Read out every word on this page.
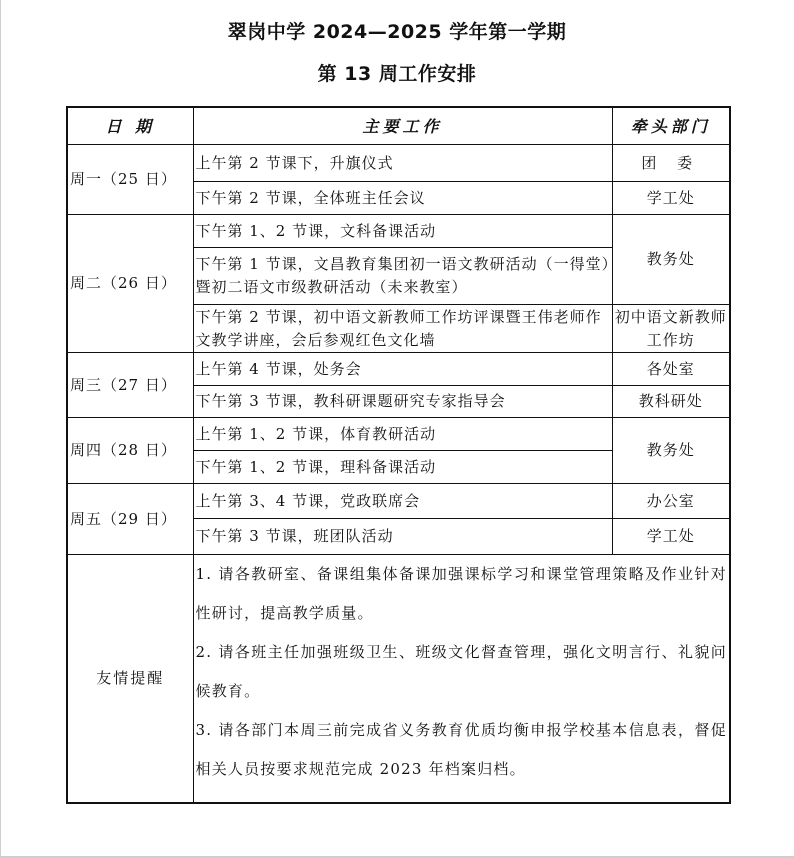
翠岗中学 2024—2025 学年第一学期
第 13 周工作安排
日 期	主要工作	牵头部门
周一（25 日）	上午第 2 节课下，升旗仪式	团 委
	下午第 2 节课，全体班主任会议	学工处
周二（26 日）	下午第 1、2 节课，文科备课活动	教务处
	下午第 1 节课，文昌教育集团初一语文教研活动（一得堂）暨初二语文市级教研活动（未来教室）	
	下午第 2 节课，初中语文新教师工作坊评课暨王伟老师作文教学讲座，会后参观红色文化墙	初中语文新教师工作坊
周三（27 日）	上午第 4 节课，处务会	各处室
	下午第 3 节课，教科研课题研究专家指导会	教科研处
周四（28 日）	上午第 1、2 节课，体育教研活动	教务处
	下午第 1、2 节课，理科备课活动	
周五（29 日）	上午第 3、4 节课，党政联席会	办公室
	下午第 3 节课，班团队活动	学工处
友情提醒	1. 请各教研室、备课组集体备课加强课标学习和课堂管理策略及作业针对性研讨，提高教学质量。

2. 请各班主任加强班级卫生、班级文化督查管理，强化文明言行、礼貌问候教育。

3. 请各部门本周三前完成省义务教育优质均衡申报学校基本信息表，督促相关人员按要求规范完成 2023 年档案归档。	
